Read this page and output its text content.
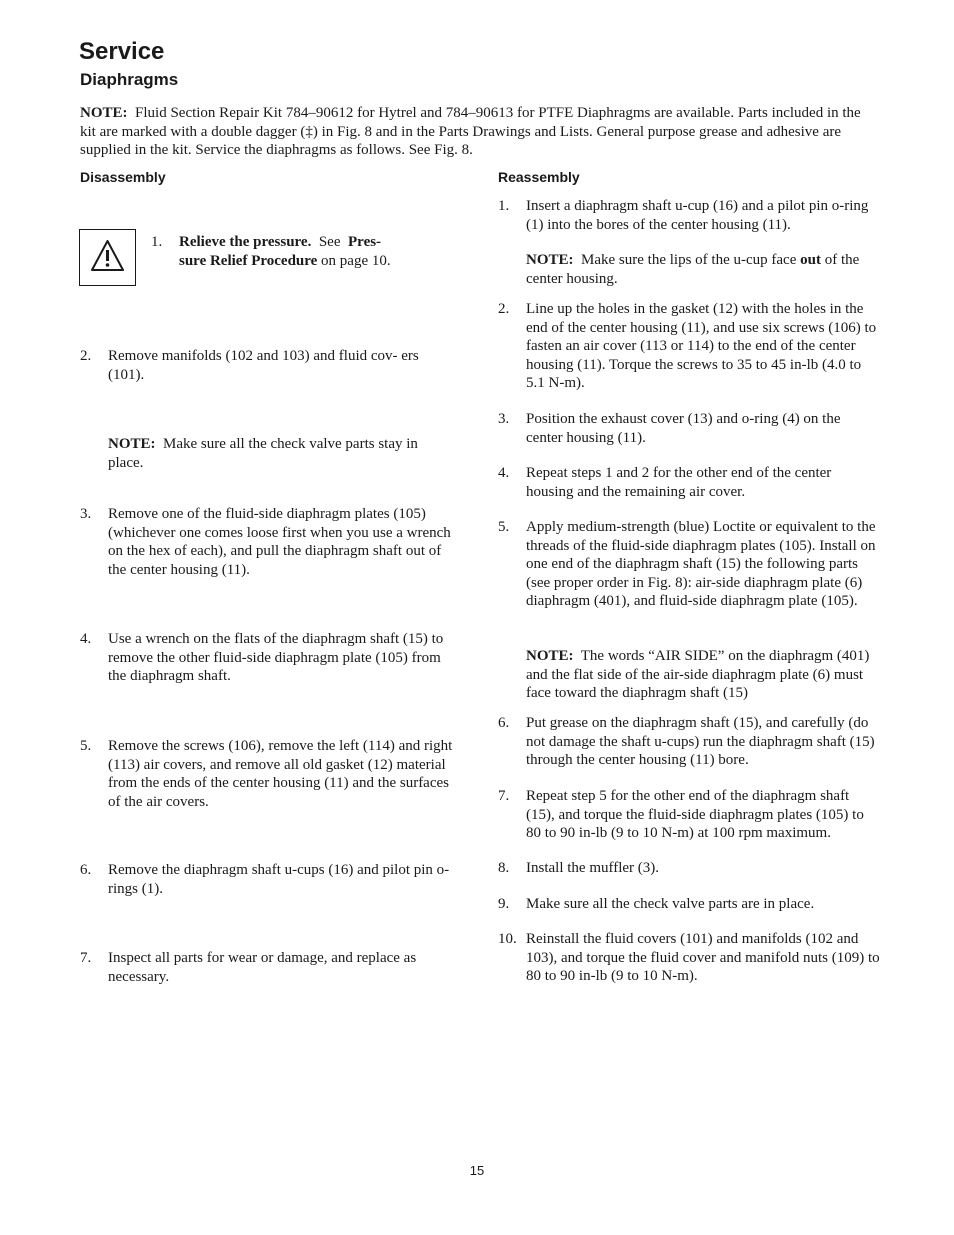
Service
Diaphragms
NOTE: Fluid Section Repair Kit 784–90612 for Hytrel and 784–90613 for PTFE Diaphragms are available. Parts included in the kit are marked with a double dagger (‡) in Fig. 8 and in the Parts Drawings and Lists. General purpose grease and adhesive are supplied in the kit. Service the diaphragms as follows. See Fig. 8.
Disassembly
1. Relieve the pressure. See Pres- sure Relief Procedure on page 10.
2. Remove manifolds (102 and 103) and fluid cov- ers (101).
NOTE: Make sure all the check valve parts stay in place.
3. Remove one of the fluid-side diaphragm plates (105) (whichever one comes loose first when you use a wrench on the hex of each), and pull the diaphragm shaft out of the center housing (11).
4. Use a wrench on the flats of the diaphragm shaft (15) to remove the other fluid-side diaphragm plate (105) from the diaphragm shaft.
5. Remove the screws (106), remove the left (114) and right (113) air covers, and remove all old gasket (12) material from the ends of the center housing (11) and the surfaces of the air covers.
6. Remove the diaphragm shaft u-cups (16) and pilot pin o-rings (1).
7. Inspect all parts for wear or damage, and replace as necessary.
Reassembly
1. Insert a diaphragm shaft u-cup (16) and a pilot pin o-ring (1) into the bores of the center housing (11).
NOTE: Make sure the lips of the u-cup face out of the center housing.
2. Line up the holes in the gasket (12) with the holes in the end of the center housing (11), and use six screws (106) to fasten an air cover (113 or 114) to the end of the center housing (11). Torque the screws to 35 to 45 in-lb (4.0 to 5.1 N-m).
3. Position the exhaust cover (13) and o-ring (4) on the center housing (11).
4. Repeat steps 1 and 2 for the other end of the center housing and the remaining air cover.
5. Apply medium-strength (blue) Loctite or equivalent to the threads of the fluid-side diaphragm plates (105). Install on one end of the diaphragm shaft (15) the following parts (see proper order in Fig. 8): air-side diaphragm plate (6) diaphragm (401), and fluid-side diaphragm plate (105).
NOTE: The words “AIR SIDE” on the diaphragm (401) and the flat side of the air-side diaphragm plate (6) must face toward the diaphragm shaft (15)
6. Put grease on the diaphragm shaft (15), and carefully (do not damage the shaft u-cups) run the diaphragm shaft (15) through the center housing (11) bore.
7. Repeat step 5 for the other end of the diaphragm shaft (15), and torque the fluid-side diaphragm plates (105) to 80 to 90 in-lb (9 to 10 N-m) at 100 rpm maximum.
8. Install the muffler (3).
9. Make sure all the check valve parts are in place.
10. Reinstall the fluid covers (101) and manifolds (102 and 103), and torque the fluid cover and manifold nuts (109) to 80 to 90 in-lb (9 to 10 N-m).
15
